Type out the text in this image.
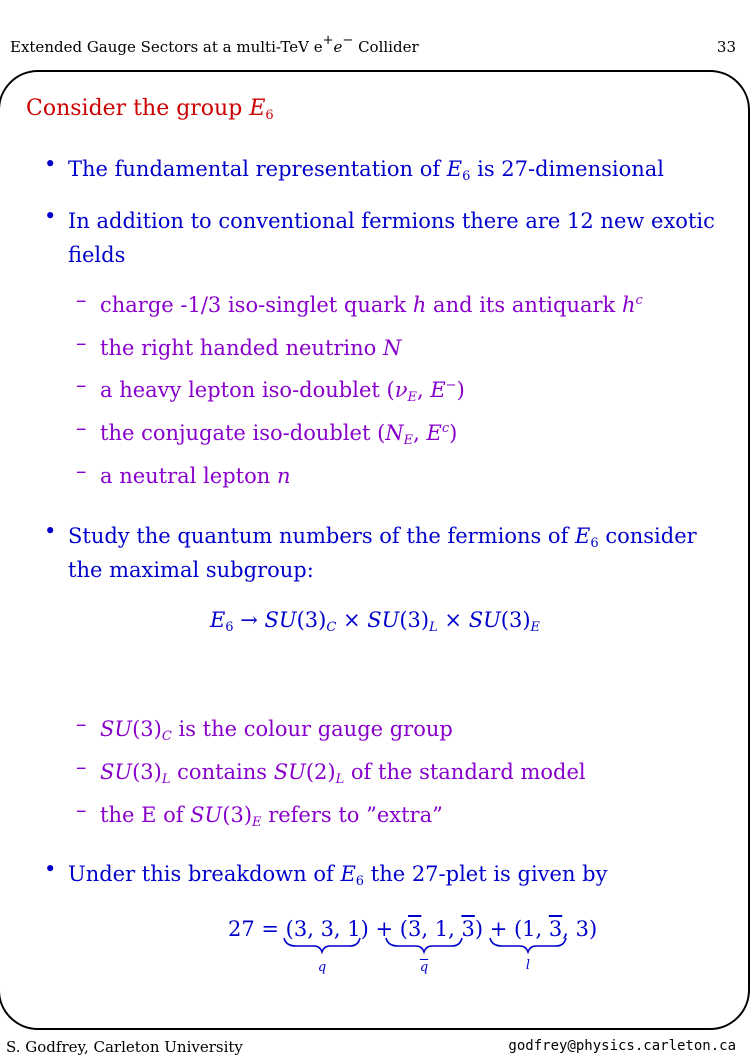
Extended Gauge Sectors at a multi-TeV e+e− Collider	33
Consider the group $E_6$
• The fundamental representation of $E_6$ is 27-dimensional
• In addition to conventional fermions there are 12 new exotic
fields
– charge -1/3 iso-singlet quark h and its antiquark $h^c$
– the right handed neutrino N
– a heavy lepton iso-doublet ($\nu_E$, E−)
– the conjugate iso-doublet ($N_E$, $E^c$)
– a neutral lepton n
• Study the quantum numbers of the fermions of $E_6$ consider
the maximal subgroup:
$E_6 \to SU(3)_C \times SU(3)_L \times SU(3)_E$
– $SU(3)_C$ is the colour gauge group
– $SU(3)_L$ contains $SU(2)_L$ of the standard model
– the E of $SU(3)_E$ refers to ”extra”
• Under this breakdown of $E_6$ the 27-plet is given by
27 = (3, 3, 1) + (3, 1, 3) + (1, 3, 3)
q	$\overline{q}$	l
S. Godfrey, Carleton University	godfrey@physics.carleton.ca
